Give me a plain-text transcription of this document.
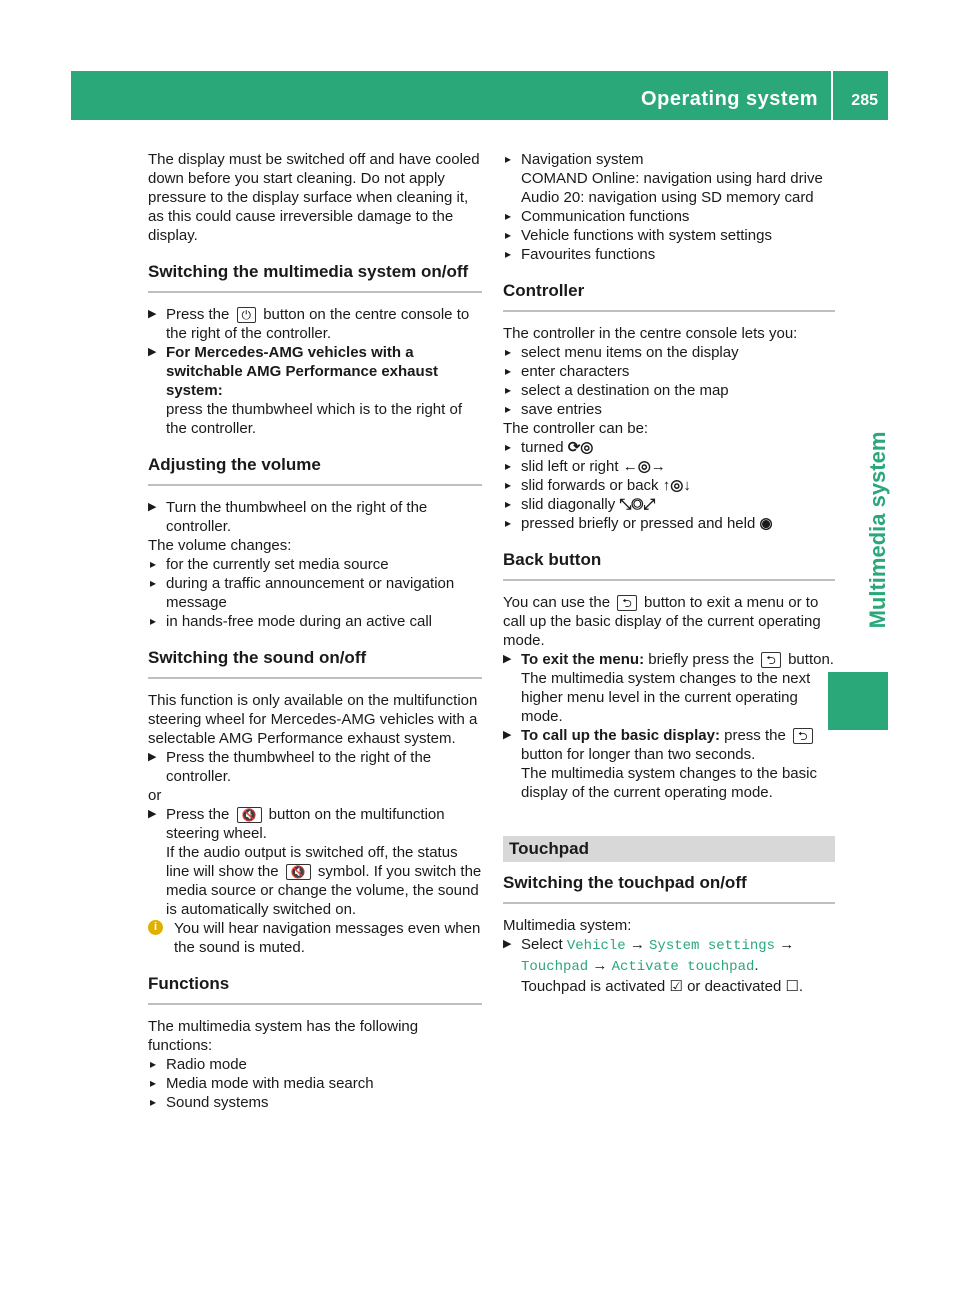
Operating system 285
Multimedia system

The display must be switched off and have cooled down before you start cleaning. Do not apply pressure to the display surface when cleaning it, as this could cause irreversible damage to the display.

Switching the multimedia system on/off
▶ Press the ⏻ button on the centre console to the right of the controller.
▶ For Mercedes-AMG vehicles with a switchable AMG Performance exhaust system:
press the thumbwheel which is to the right of the controller.
Adjusting the volume
▶ Turn the thumbwheel on the right of the controller.

The volume changes:

▸ for the currently set media source
▸ during a traffic announcement or navigation message
▸ in hands-free mode during an active call
Switching the sound on/off

This function is only available on the multifunction steering wheel for Mercedes-AMG vehicles with a selectable AMG Performance exhaust system.

▶ Press the thumbwheel to the right of the controller.

or

▶ Press the 🔇 button on the multifunction steering wheel.
If the audio output is switched off, the status line will show the 🔇 symbol. If you switch the media source or change the volume, the sound is automatically switched on.
i	You will hear navigation messages even when the sound is muted.
Functions

The multimedia system has the following functions:

▸ Radio mode
▸ Media mode with media search
▸ Sound systems
▸ Navigation system
COMAND Online: navigation using hard drive
Audio 20: navigation using SD memory card
▸ Communication functions
▸ Vehicle functions with system settings
▸ Favourites functions
Controller

The controller in the centre console lets you:

▸ select menu items on the display
▸ enter characters
▸ select a destination on the map
▸ save entries

The controller can be:

▸ turned ⟳◎
▸ slid left or right ←◎→
▸ slid forwards or back ↑◎↓
▸ slid diagonally ⤡◎⤢
▸ pressed briefly or pressed and held ◉
Back button

You can use the ⮌ button to exit a menu or to call up the basic display of the current operating mode.

▶ To exit the menu: briefly press the ⮌ button.
The multimedia system changes to the next higher menu level in the current operating mode.
▶ To call up the basic display: press the ⮌ button for longer than two seconds.
The multimedia system changes to the basic display of the current operating mode.
Touchpad
Switching the touchpad on/off

Multimedia system:

▶ Select Vehicle → System settings → Touchpad → Activate touchpad.
Touchpad is activated ☑ or deactivated ☐.
